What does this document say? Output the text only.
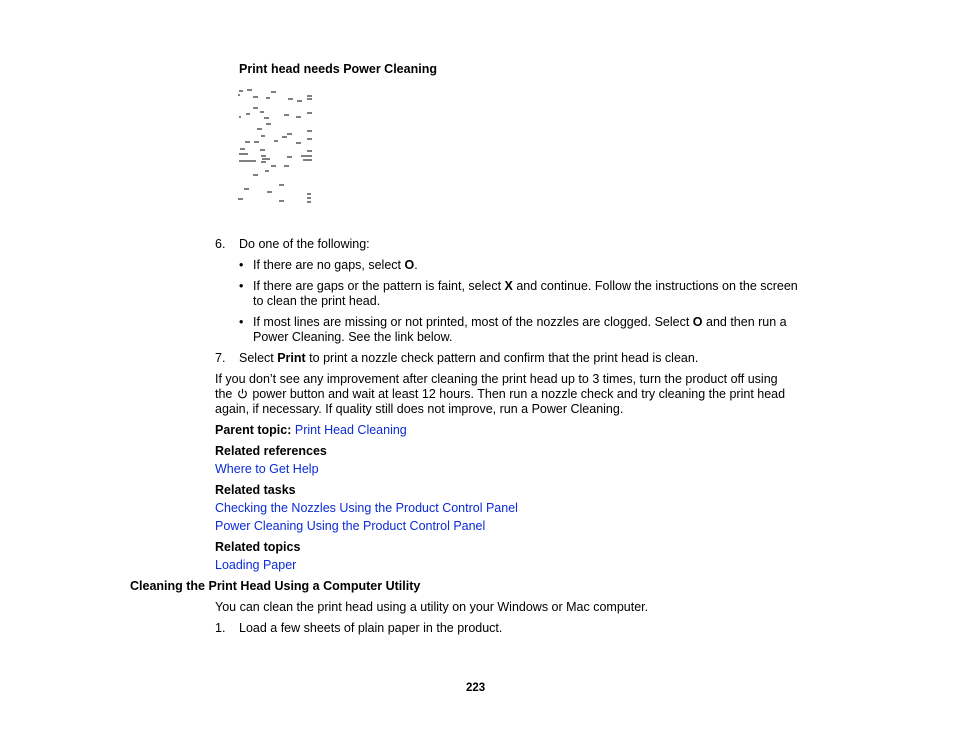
Print head needs Power Cleaning
6. Do one of the following:
• If there are no gaps, select O.
• If there are gaps or the pattern is faint, select X and continue. Follow the instructions on the screen
to clean the print head.
• If most lines are missing or not printed, most of the nozzles are clogged. Select O and then run a
Power Cleaning. See the link below.
7. Select Print to print a nozzle check pattern and confirm that the print head is clean.
If you don’t see any improvement after cleaning the print head up to 3 times, turn the product off using
the  power button and wait at least 12 hours. Then run a nozzle check and try cleaning the print head
again, if necessary. If quality still does not improve, run a Power Cleaning.
Parent topic: Print Head Cleaning
Related references
Where to Get Help
Related tasks
Checking the Nozzles Using the Product Control Panel
Power Cleaning Using the Product Control Panel
Related topics
Loading Paper
Cleaning the Print Head Using a Computer Utility
You can clean the print head using a utility on your Windows or Mac computer.
1. Load a few sheets of plain paper in the product.
223
